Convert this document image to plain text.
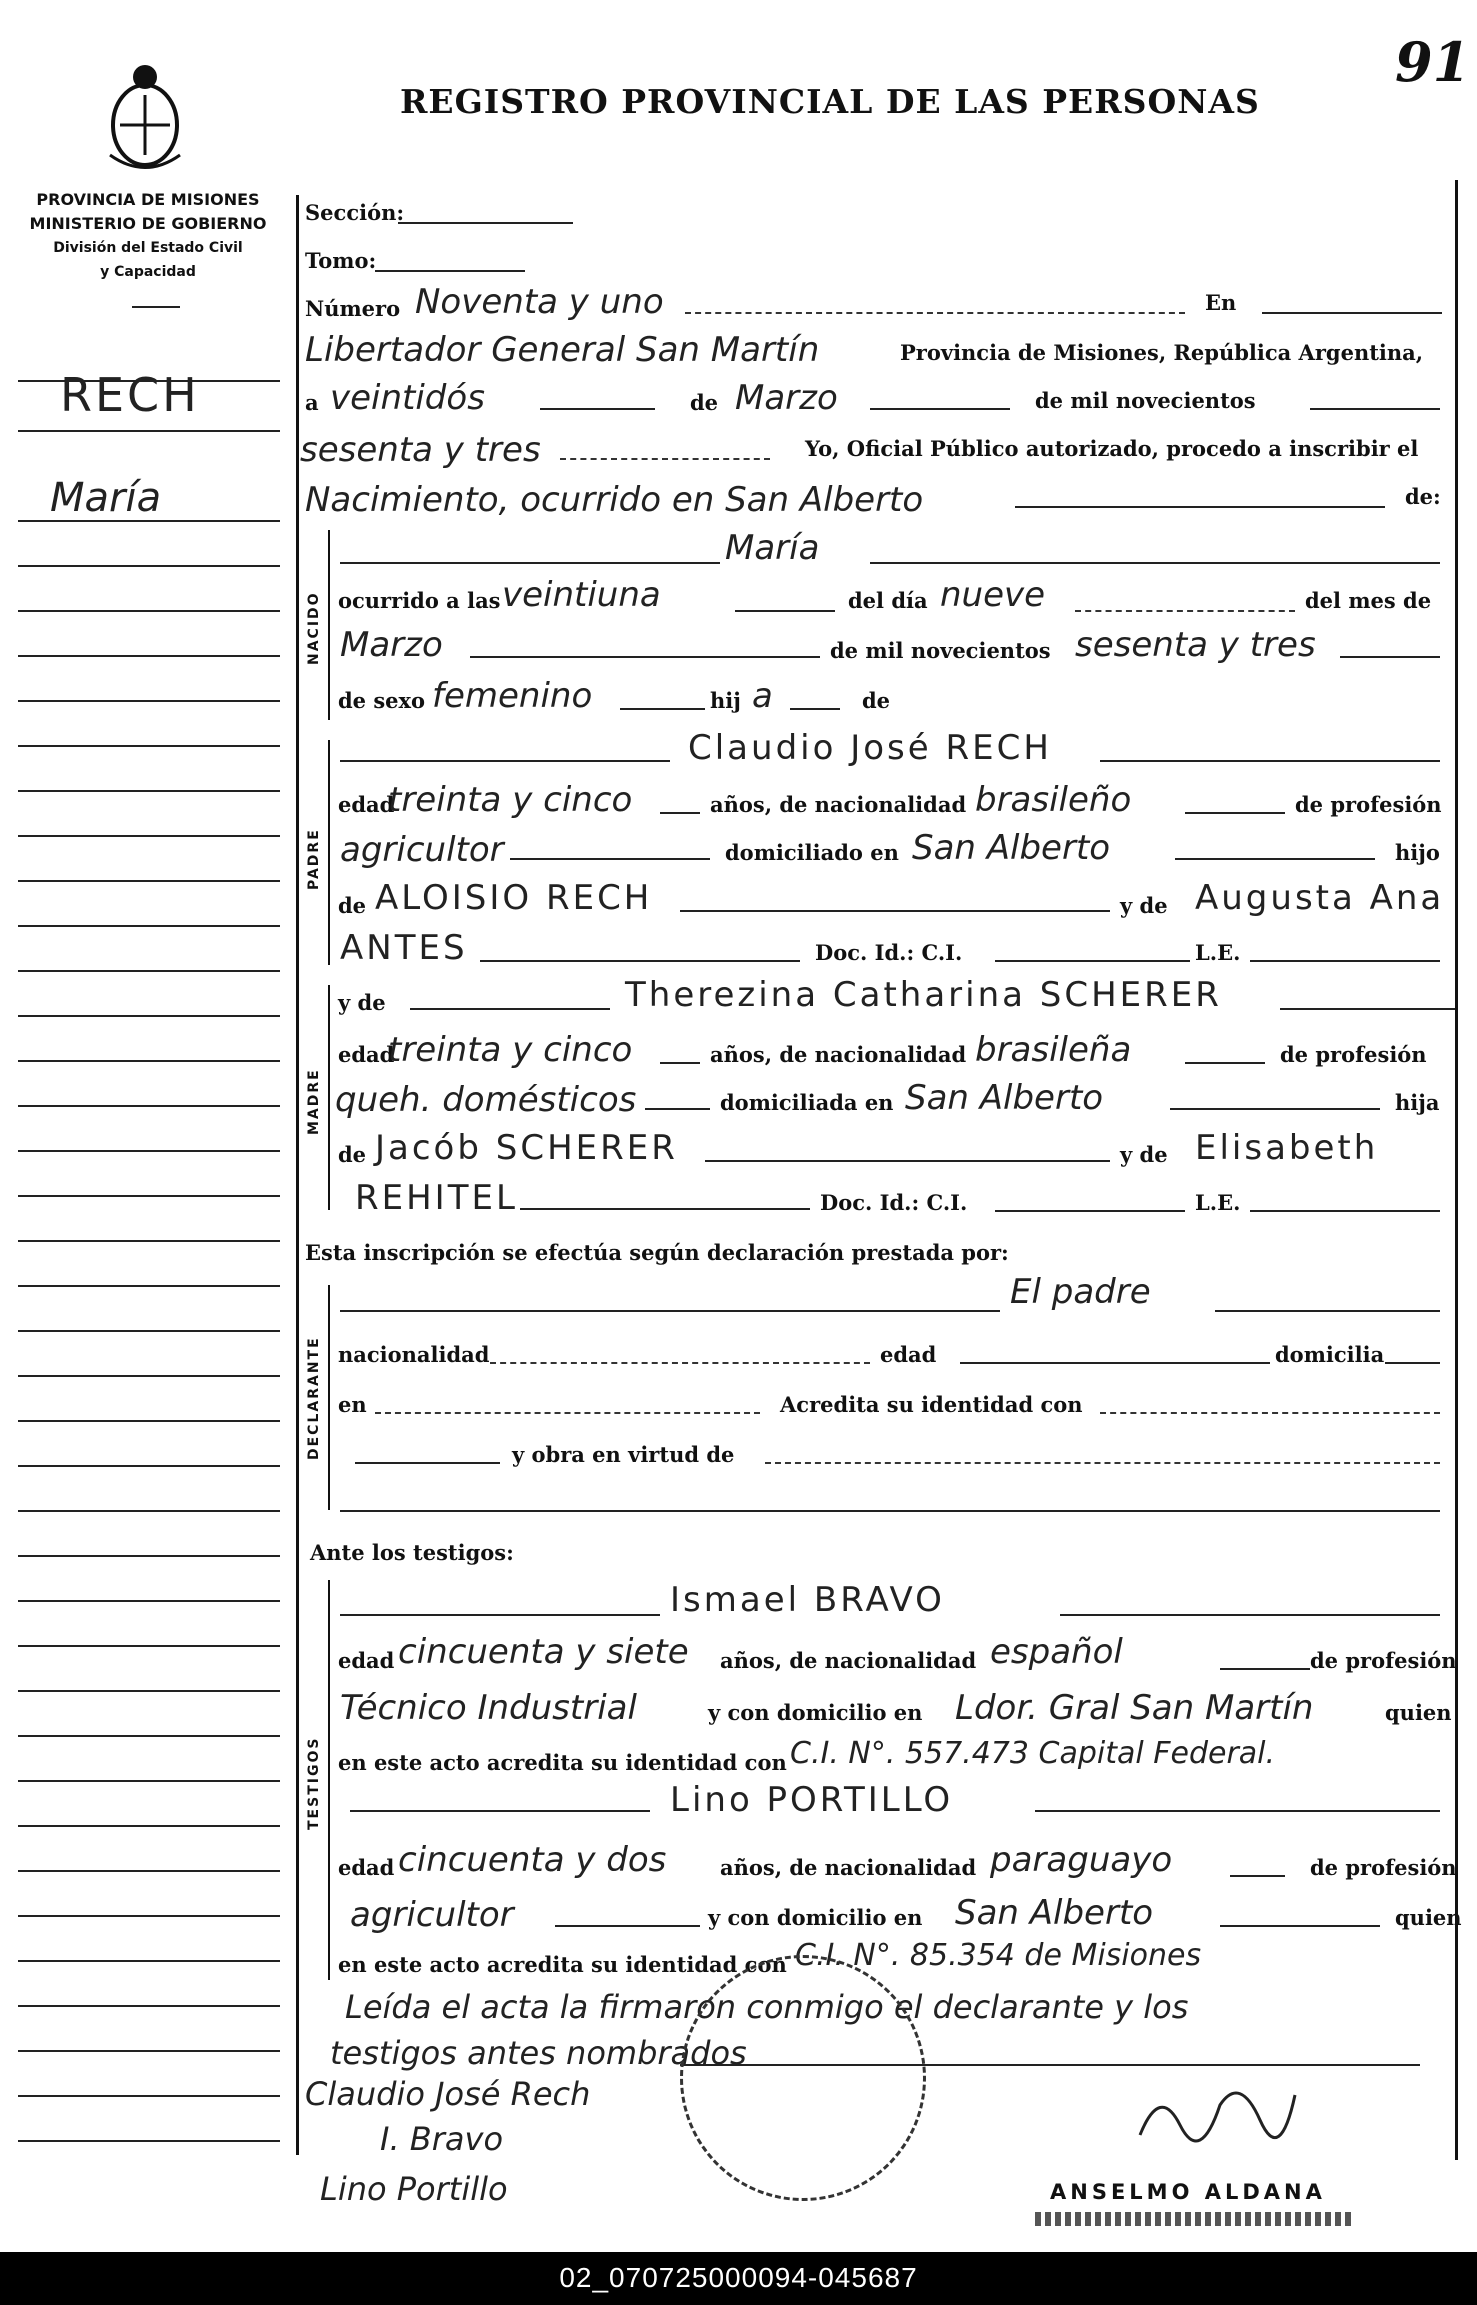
REGISTRO PROVINCIAL DE LAS PERSONAS
91
PROVINCIA DE MISIONES
MINISTERIO DE GOBIERNO
División del Estado Civil
y Capacidad
NACIDO
PADRE
MADRE
DECLARANTE
TESTIGOS
RECH
María
Sección:
Tomo:
Número Noventa y uno	En
Libertador General San Martín	Provincia de Misiones, República Argentina,
a veintidós	de Marzo	de mil novecientos
sesenta y tres	Yo, Oficial Público autorizado, procedo a inscribir el
Nacimiento, ocurrido en San Alberto	de:
María
ocurrido a las veintiuna	del día nueve	del mes de
Marzo	de mil novecientos sesenta y tres
de sexo femenino	hij a	de
Claudio José RECH
edad
treinta y cinco	años, de nacionalidad brasileño	de profesión
agricultor	domiciliado en San Alberto	hijo
de ALOISIO RECH	y de Augusta Ana
ANTES	Doc. Id.: C.I.	L.E.
y de	Therezina Catharina SCHERER
edad
treinta y cinco	años, de nacionalidad brasileña	de profesión
queh. domésticos	domiciliada en San Alberto	hija
de Jacób SCHERER	y de Elisabeth
REHITEL	Doc. Id.: C.I.	L.E.
Esta inscripción se efectúa según declaración prestada por:
El padre
nacionalidad	edad	domicilia
en	Acredita su identidad con
y obra en virtud de
Ante los testigos:
Ismael BRAVO
edad cincuenta y siete años, de nacionalidad español	de profesión
Técnico Industrial	y con domicilio en Ldor. Gral San Martín	quien
en este acto acredita su identidad con C.I. N°. 557.473 Capital Federal.
Lino PORTILLO
edad cincuenta y dos	años, de nacionalidad paraguayo	de profesión
agricultor	y con domicilio en San Alberto	quien
en este acto acredita su identidad con C.I. N°. 85.354 de Misiones
Leída el acta la firmaron conmigo el declarante y los
testigos antes nombrados
Claudio José Rech
I. Bravo
Lino Portillo	ANSELMO ALDANA
02_070725000094-045687
